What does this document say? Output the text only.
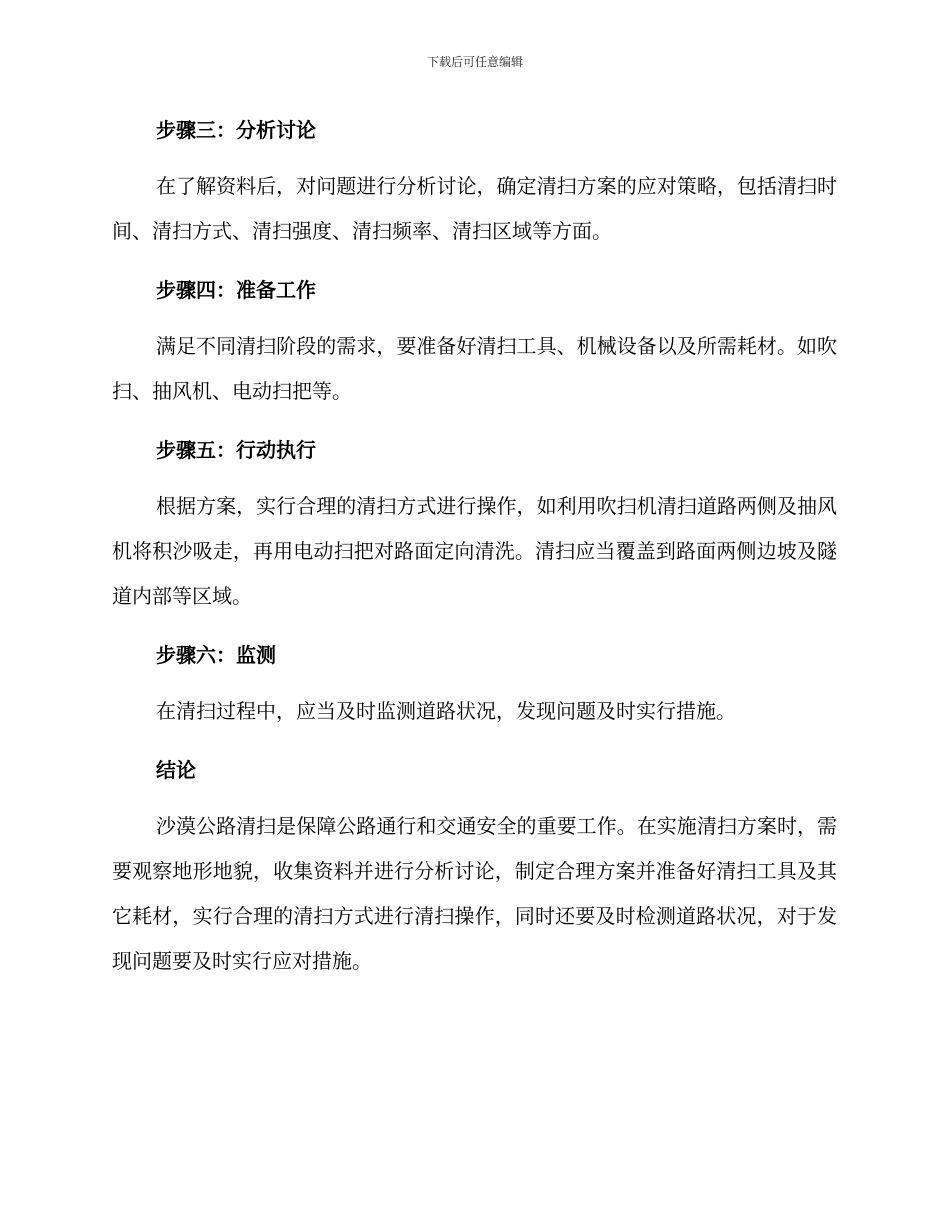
下载后可任意编辑
步骤三：分析讨论

在了解资料后，对问题进行分析讨论，确定清扫方案的应对策略，包括清扫时间、清扫方式、清扫强度、清扫频率、清扫区域等方面。

步骤四：准备工作

满足不同清扫阶段的需求，要准备好清扫工具、机械设备以及所需耗材。如吹扫、抽风机、电动扫把等。

步骤五：行动执行

根据方案，实行合理的清扫方式进行操作，如利用吹扫机清扫道路两侧及抽风机将积沙吸走，再用电动扫把对路面定向清洗。清扫应当覆盖到路面两侧边坡及隧道内部等区域。

步骤六：监测

在清扫过程中，应当及时监测道路状况，发现问题及时实行措施。

结论

沙漠公路清扫是保障公路通行和交通安全的重要工作。在实施清扫方案时，需要观察地形地貌，收集资料并进行分析讨论，制定合理方案并准备好清扫工具及其它耗材，实行合理的清扫方式进行清扫操作，同时还要及时检测道路状况，对于发现问题要及时实行应对措施。
